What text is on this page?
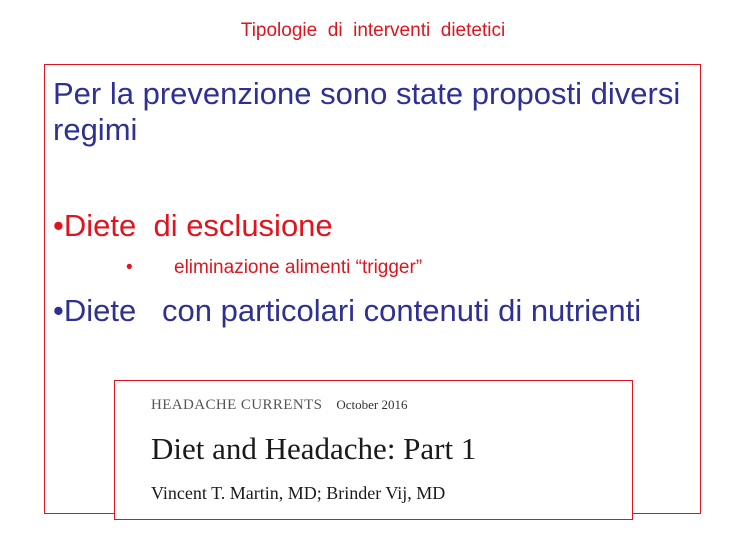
Tipologie  di  interventi  dietetici
Per la prevenzione sono state proposti diversi regimi
•Diete  di esclusione
• eliminazione alimenti “trigger”
•Diete   con particolari contenuti di nutrienti
HEADACHE CURRENTS October 2016
Diet and Headache: Part 1
Vincent T. Martin, MD; Brinder Vij, MD
